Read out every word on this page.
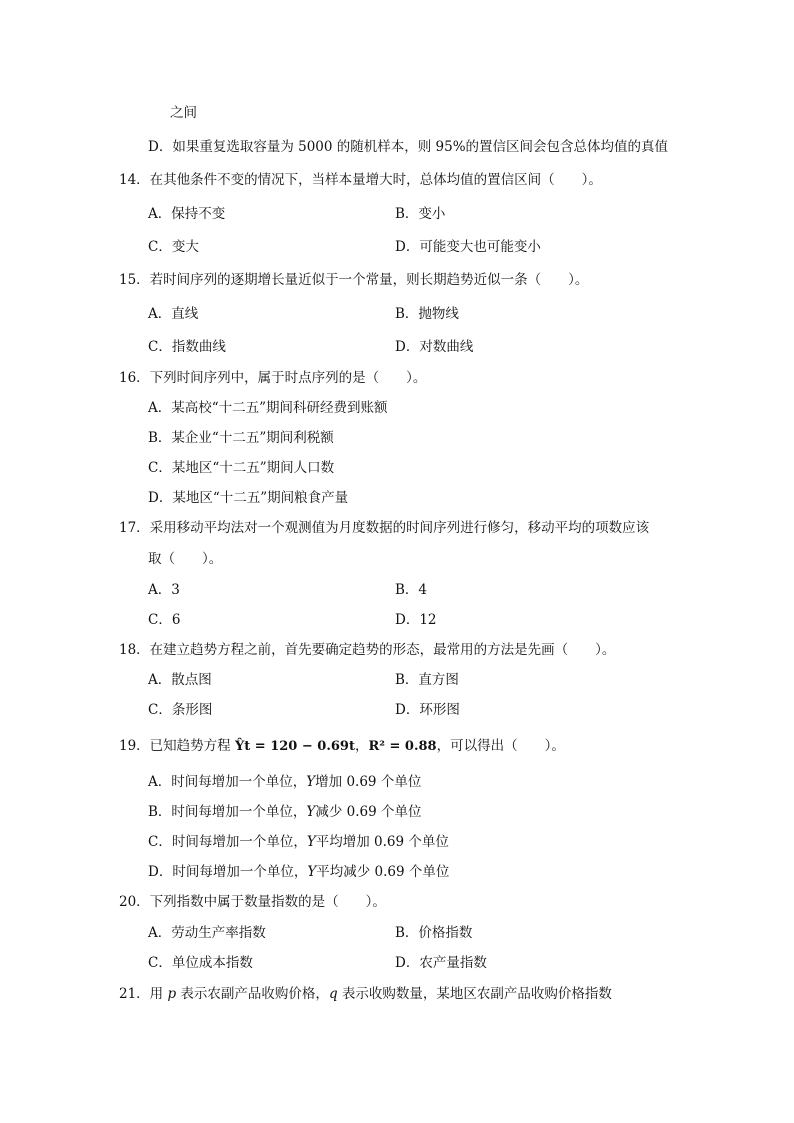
之间
D．如果重复选取容量为 5000 的随机样本，则 95%的置信区间会包含总体均值的真值
14．在其他条件不变的情况下，当样本量增大时，总体均值的置信区间（　　）。
A．保持不变	B．变小
C．变大	D．可能变大也可能变小
15．若时间序列的逐期增长量近似于一个常量，则长期趋势近似一条（　　）。
A．直线	B．抛物线
C．指数曲线	D．对数曲线
16．下列时间序列中，属于时点序列的是（　　）。
A．某高校“十二五”期间科研经费到账额
B．某企业“十二五”期间利税额
C．某地区“十二五”期间人口数
D．某地区“十二五”期间粮食产量
17．采用移动平均法对一个观测值为月度数据的时间序列进行修匀，移动平均的项数应该
取（　　）。
A．3	B．4
C．6	D．12
18．在建立趋势方程之前，首先要确定趋势的形态，最常用的方法是先画（　　）。
A．散点图	B．直方图
C．条形图	D．环形图
19．已知趋势方程 Ŷt = 120 − 0.69t，R² = 0.88，可以得出（　　）。
A．时间每增加一个单位，Y增加 0.69 个单位
B．时间每增加一个单位，Y减少 0.69 个单位
C．时间每增加一个单位，Y平均增加 0.69 个单位
D．时间每增加一个单位，Y平均减少 0.69 个单位
20．下列指数中属于数量指数的是（　　）。
A．劳动生产率指数	B．价格指数
C．单位成本指数	D．农产量指数
21．用 p 表示农副产品收购价格，q 表示收购数量，某地区农副产品收购价格指数
